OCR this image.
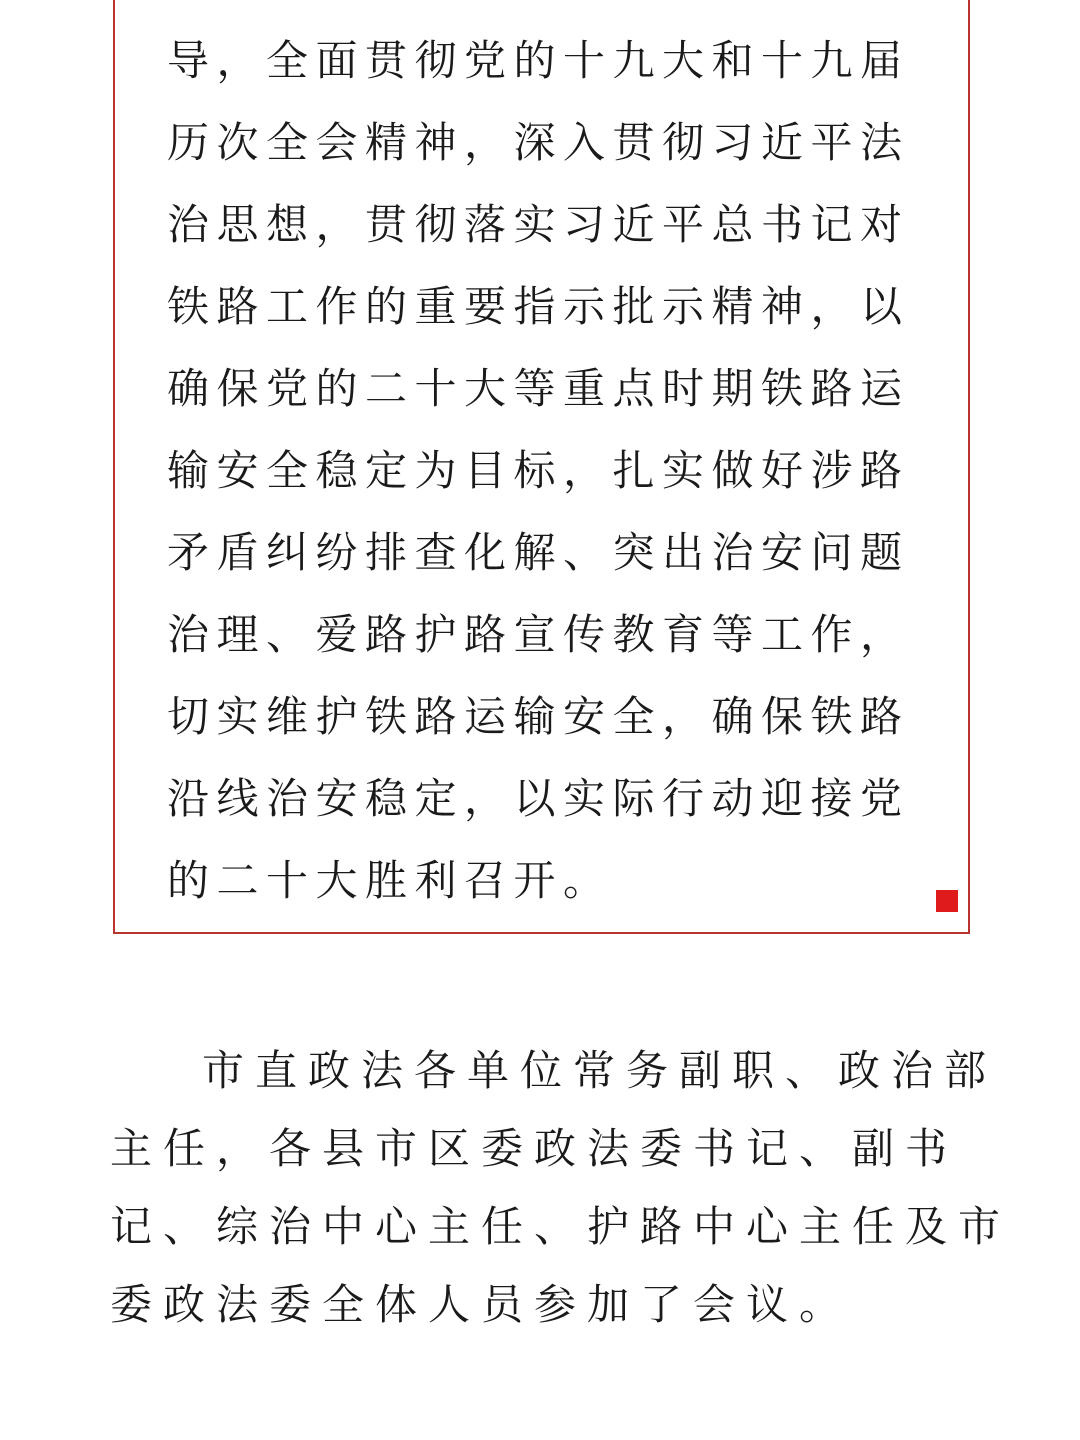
导，全面贯彻党的十九大和十九届
历次全会精神，深入贯彻习近平法
治思想，贯彻落实习近平总书记对
铁路工作的重要指示批示精神，以
确保党的二十大等重点时期铁路运
输安全稳定为目标，扎实做好涉路
矛盾纠纷排查化解、突出治安问题
治理、爱路护路宣传教育等工作，
切实维护铁路运输安全，确保铁路
沿线治安稳定，以实际行动迎接党
的二十大胜利召开。

市直政法各单位常务副职、政治部
主任，各县市区委政法委书记、副书
记、综治中心主任、护路中心主任及市
委政法委全体人员参加了会议。
